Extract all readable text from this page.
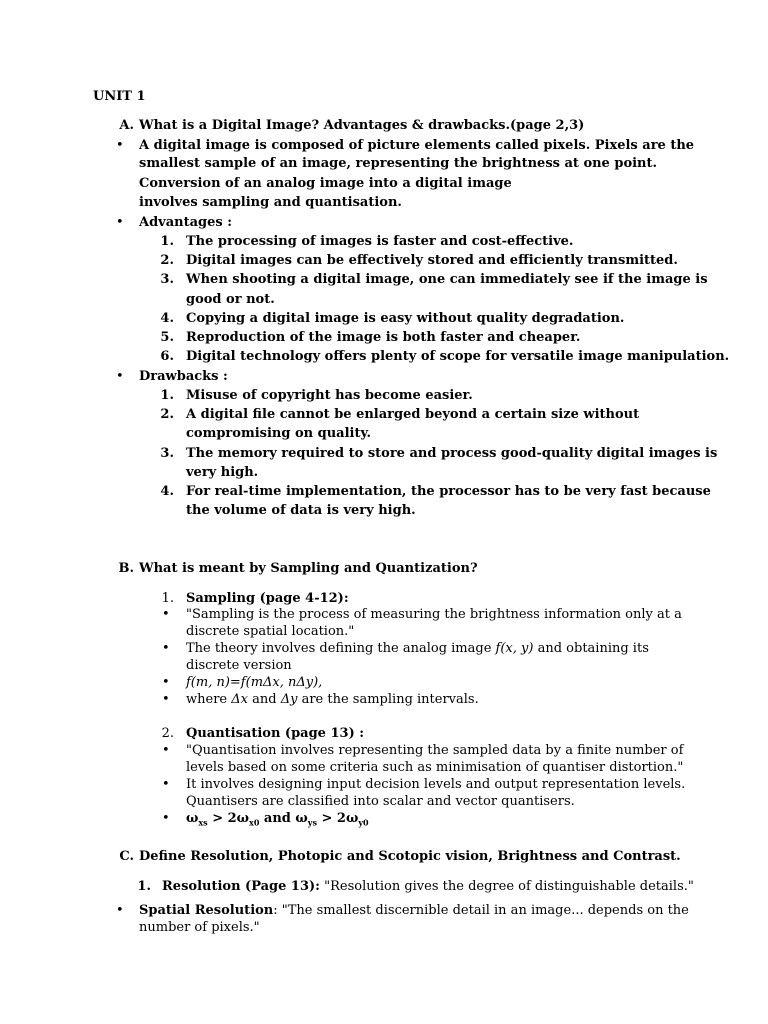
UNIT 1
A. What is a Digital Image? Advantages & drawbacks.(page 2,3)
• A digital image is composed of picture elements called pixels. Pixels are the
smallest sample of an image, representing the brightness at one point.
Conversion of an analog image into a digital image
involves sampling and quantisation.
• Advantages :
1. The processing of images is faster and cost-effective.
2. Digital images can be effectively stored and efficiently transmitted.
3. When shooting a digital image, one can immediately see if the image is
good or not.
4. Copying a digital image is easy without quality degradation.
5. Reproduction of the image is both faster and cheaper.
6. Digital technology offers plenty of scope for versatile image manipulation.
• Drawbacks :
1. Misuse of copyright has become easier.
2. A digital file cannot be enlarged beyond a certain size without
compromising on quality.
3. The memory required to store and process good-quality digital images is
very high.
4. For real-time implementation, the processor has to be very fast because
the volume of data is very high.
B. What is meant by Sampling and Quantization?
1. Sampling (page 4-12):
• "Sampling is the process of measuring the brightness information only at a
discrete spatial location."
• The theory involves defining the analog image f(x, y) and obtaining its
discrete version
• f(m, n)=f(mΔx, nΔy),
• where Δx and Δy are the sampling intervals.
2. Quantisation (page 13) :
• "Quantisation involves representing the sampled data by a finite number of
levels based on some criteria such as minimisation of quantiser distortion."
• It involves designing input decision levels and output representation levels.
Quantisers are classified into scalar and vector quantisers.
• $\omega_{xs} > 2\omega_{x0}$ and $\omega_{ys} > 2\omega_{y0}$
C. Define Resolution, Photopic and Scotopic vision, Brightness and Contrast.
1. Resolution (Page 13): "Resolution gives the degree of distinguishable details."
• Spatial Resolution: "The smallest discernible detail in an image... depends on the
number of pixels."
